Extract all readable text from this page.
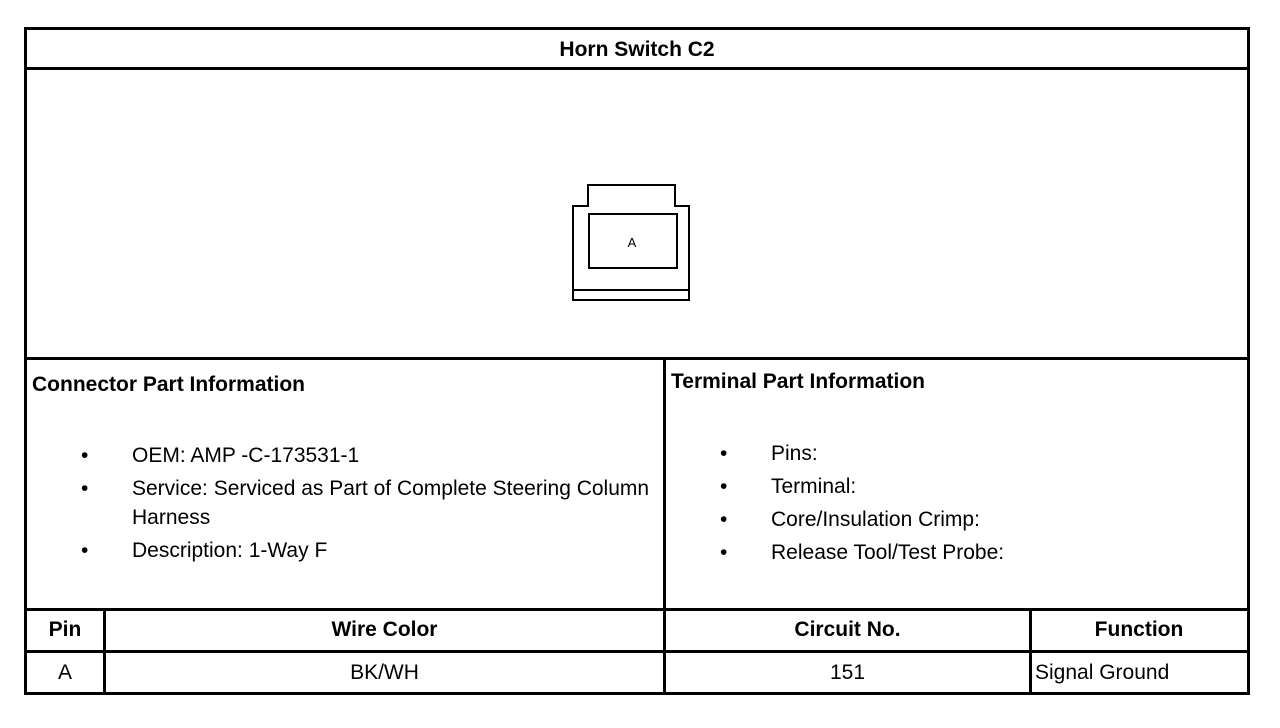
Horn Switch C2
A
Connector Part Information
• OEM: AMP -C-173531-1
• Service: Serviced as Part of Complete Steering Column Harness
• Description: 1-Way F
Terminal Part Information
• Pins:
• Terminal:
• Core/Insulation Crimp:
• Release Tool/Test Probe:
Pin	Wire Color	Circuit No.	Function
A	BK/WH	151	Signal Ground
